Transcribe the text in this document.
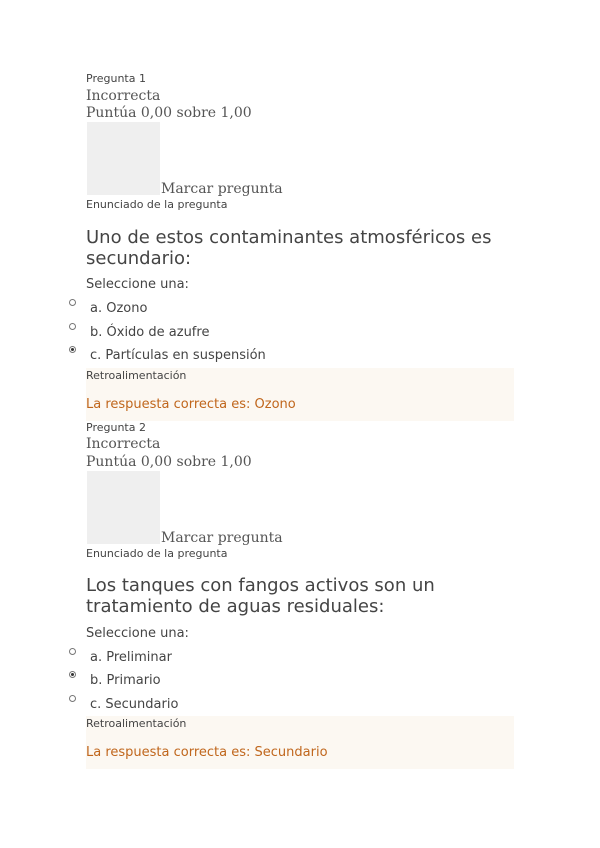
Pregunta 1
Incorrecta
Puntúa 0,00 sobre 1,00
Marcar pregunta
Enunciado de la pregunta
Uno de estos contaminantes atmosféricos es secundario:
Seleccione una:
a. Ozono
b. Óxido de azufre
c. Partículas en suspensión
Retroalimentación
La respuesta correcta es: Ozono
Pregunta 2
Incorrecta
Puntúa 0,00 sobre 1,00
Marcar pregunta
Enunciado de la pregunta
Los tanques con fangos activos son un tratamiento de aguas residuales:
Seleccione una:
a. Preliminar
b. Primario
c. Secundario
Retroalimentación
La respuesta correcta es: Secundario
